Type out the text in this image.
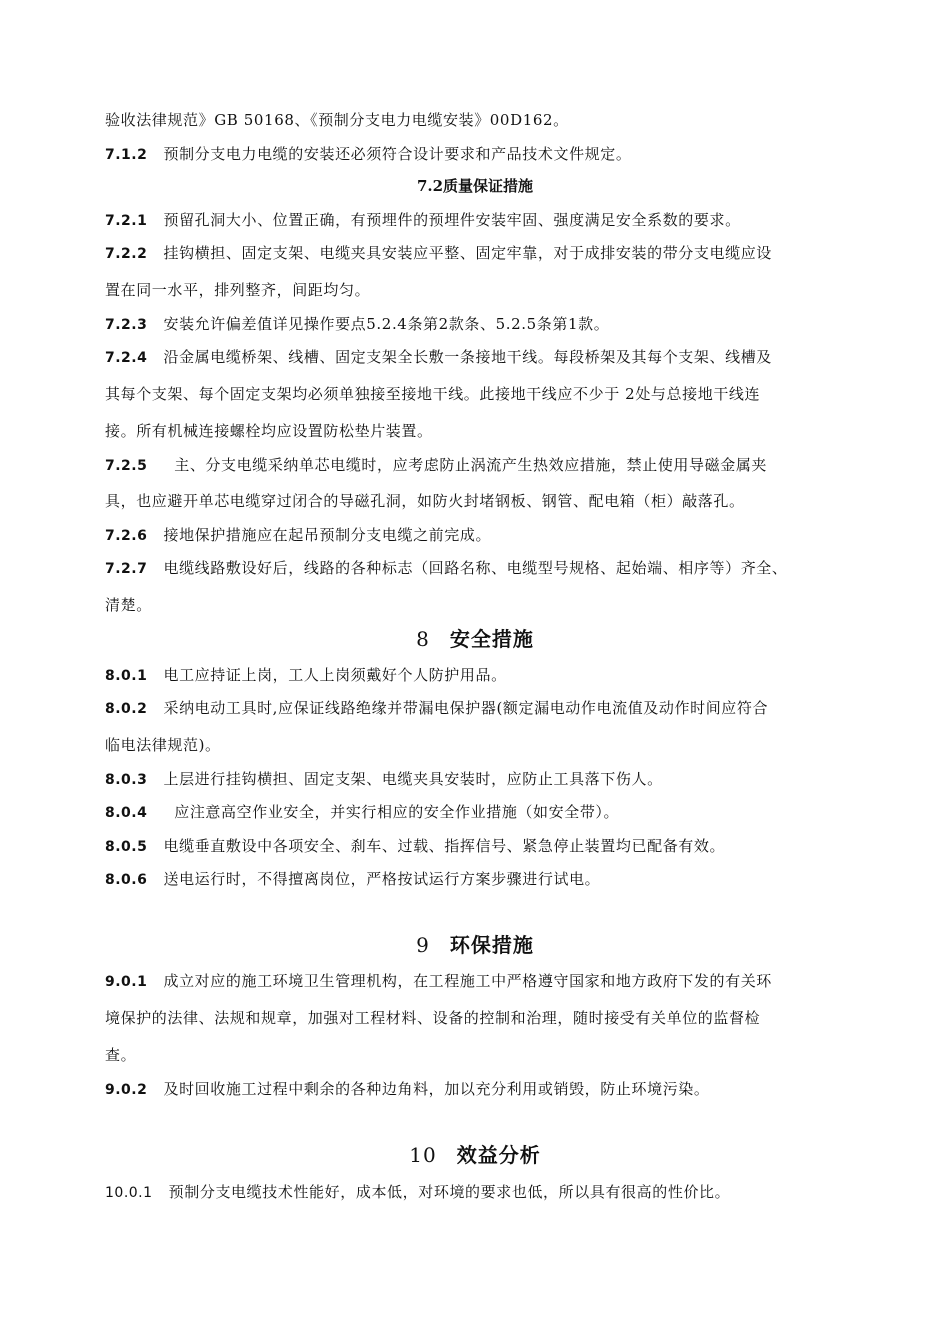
验收法律规范》GB 50168、《预制分支电力电缆安装》00D162。
7.1.2 预制分支电力电缆的安装还必须符合设计要求和产品技术文件规定。
7.2质量保证措施
7.2.1 预留孔洞大小、位置正确，有预埋件的预埋件安装牢固、强度满足安全系数的要求。
7.2.2 挂钩横担、固定支架、电缆夹具安装应平整、固定牢靠，对于成排安装的带分支电缆应设
置在同一水平，排列整齐，间距均匀。
7.2.3 安装允许偏差值详见操作要点5.2.4条第2款条、5.2.5条第1款。
7.2.4 沿金属电缆桥架、线槽、固定支架全长敷一条接地干线。每段桥架及其每个支架、线槽及
其每个支架、每个固定支架均必须单独接至接地干线。此接地干线应不少于 2处与总接地干线连
接。所有机械连接螺栓均应设置防松垫片装置。
7.2.5 主、分支电缆采纳单芯电缆时，应考虑防止涡流产生热效应措施，禁止使用导磁金属夹
具，也应避开单芯电缆穿过闭合的导磁孔洞，如防火封堵钢板、钢管、配电箱（柜）敲落孔。
7.2.6 接地保护措施应在起吊预制分支电缆之前完成。
7.2.7 电缆线路敷设好后，线路的各种标志（回路名称、电缆型号规格、起始端、相序等）齐全、
清楚。
8 安全措施
8.0.1 电工应持证上岗，工人上岗须戴好个人防护用品。
8.0.2 采纳电动工具时,应保证线路绝缘并带漏电保护器(额定漏电动作电流值及动作时间应符合
临电法律规范)。
8.0.3 上层进行挂钩横担、固定支架、电缆夹具安装时，应防止工具落下伤人。
8.0.4 应注意高空作业安全，并实行相应的安全作业措施（如安全带）。
8.0.5 电缆垂直敷设中各项安全、刹车、过载、指挥信号、紧急停止装置均已配备有效。
8.0.6 送电运行时，不得擅离岗位，严格按试运行方案步骤进行试电。
9 环保措施
9.0.1 成立对应的施工环境卫生管理机构，在工程施工中严格遵守国家和地方政府下发的有关环
境保护的法律、法规和规章，加强对工程材料、设备的控制和治理，随时接受有关单位的监督检
查。
9.0.2 及时回收施工过程中剩余的各种边角料，加以充分利用或销毁，防止环境污染。
10 效益分析
10.0.1 预制分支电缆技术性能好，成本低，对环境的要求也低，所以具有很高的性价比。
